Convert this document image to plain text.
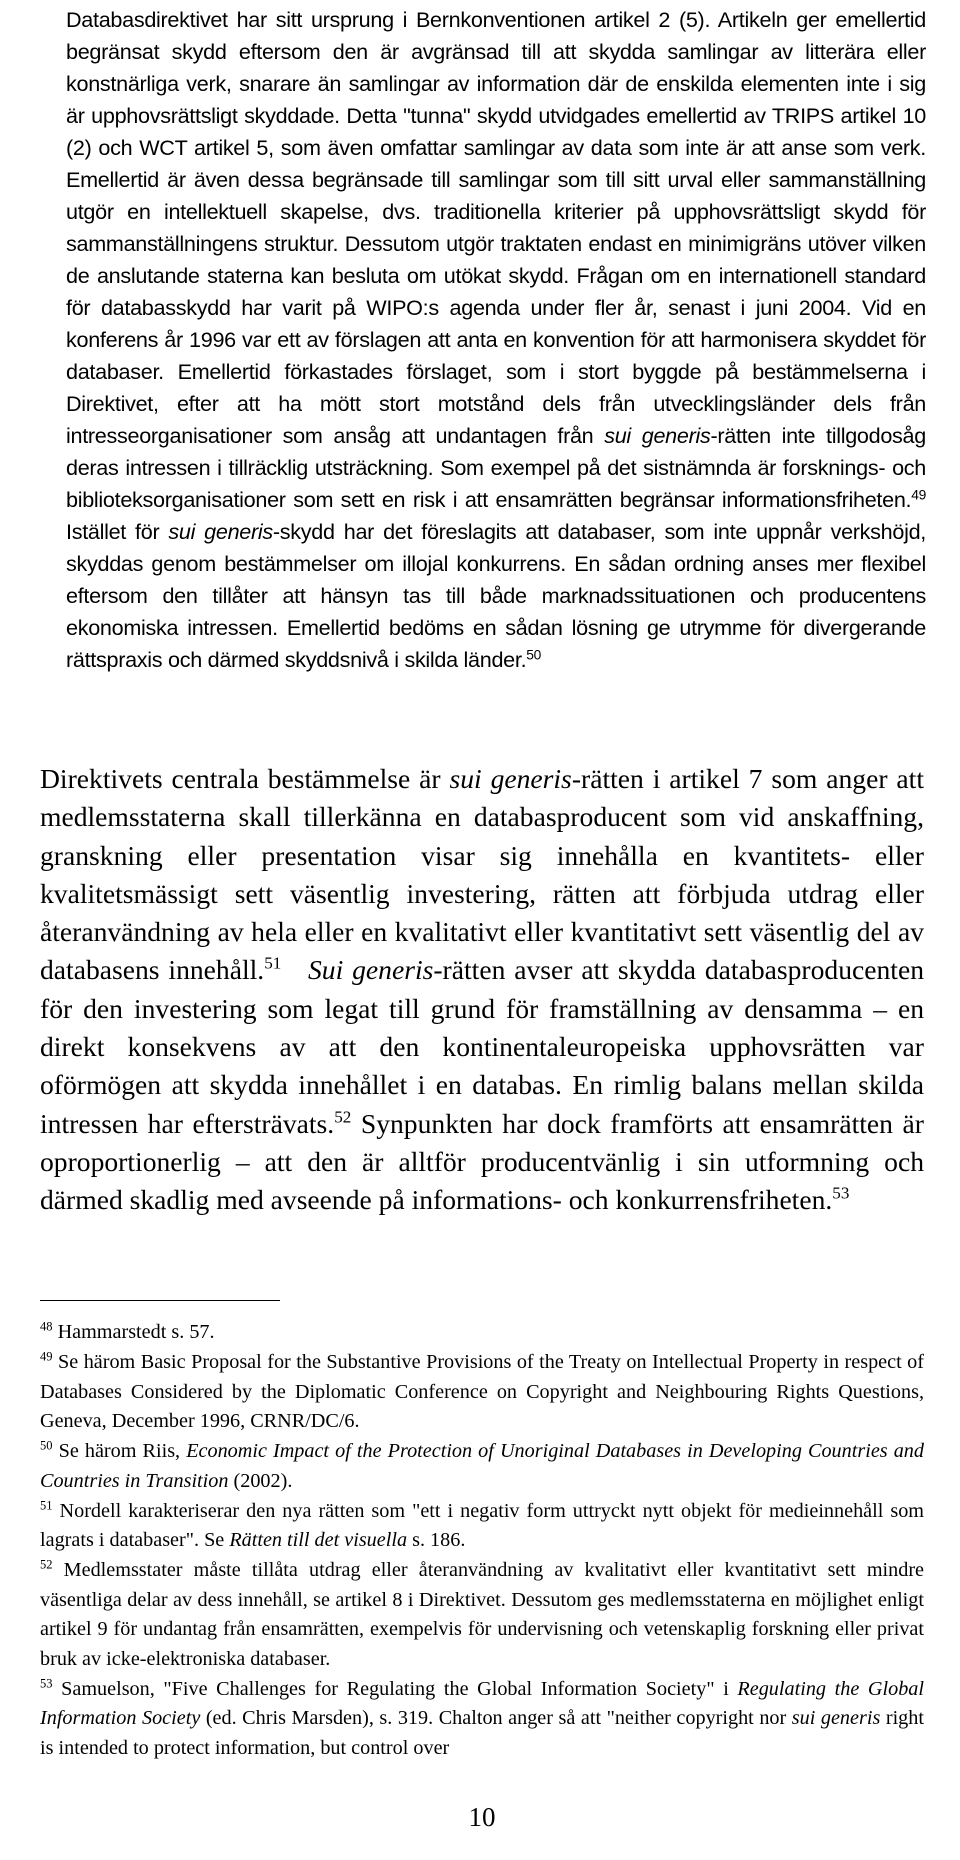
Databasdirektivet har sitt ursprung i Bernkonventionen artikel 2 (5). Artikeln ger emellertid begränsat skydd eftersom den är avgränsad till att skydda samlingar av litterära eller konstnärliga verk, snarare än samlingar av information där de enskilda elementen inte i sig är upphovsrättsligt skyddade. Detta "tunna" skydd utvidgades emellertid av TRIPS artikel 10 (2) och WCT artikel 5, som även omfattar samlingar av data som inte är att anse som verk. Emellertid är även dessa begränsade till samlingar som till sitt urval eller sammanställning utgör en intellektuell skapelse, dvs. traditionella kriterier på upphovsrättsligt skydd för sammanställningens struktur. Dessutom utgör traktaten endast en minimigräns utöver vilken de anslutande staterna kan besluta om utökat skydd. Frågan om en internationell standard för databasskydd har varit på WIPO:s agenda under fler år, senast i juni 2004. Vid en konferens år 1996 var ett av förslagen att anta en konvention för att harmonisera skyddet för databaser. Emellertid förkastades förslaget, som i stort byggde på bestämmelserna i Direktivet, efter att ha mött stort motstånd dels från utvecklingsländer dels från intresseorganisationer som ansåg att undantagen från sui generis-rätten inte tillgodosåg deras intressen i tillräcklig utsträckning. Som exempel på det sistnämnda är forsknings- och biblioteksorganisationer som sett en risk i att ensamrätten begränsar informationsfriheten.$^{49}$ Istället för sui generis-skydd har det föreslagits att databaser, som inte uppnår verkshöjd, skyddas genom bestämmelser om illojal konkurrens. En sådan ordning anses mer flexibel eftersom den tillåter att hänsyn tas till både marknadssituationen och producentens ekonomiska intressen. Emellertid bedöms en sådan lösning ge utrymme för divergerande rättspraxis och därmed skyddsnivå i skilda länder.$^{50}$
Direktivets centrala bestämmelse är sui generis-rätten i artikel 7 som anger att medlemsstaterna skall tillerkänna en databasproducent som vid anskaffning, granskning eller presentation visar sig innehålla en kvantitets- eller kvalitetsmässigt sett väsentlig investering, rätten att förbjuda utdrag eller återanvändning av hela eller en kvalitativt eller kvantitativt sett väsentlig del av databasens innehåll.$^{51}$ Sui generis-rätten avser att skydda databasproducenten för den investering som legat till grund för framställning av densamma – en direkt konsekvens av att den kontinentaleuropeiska upphovsrätten var oförmögen att skydda innehållet i en databas. En rimlig balans mellan skilda intressen har eftersträvats.$^{52}$ Synpunkten har dock framförts att ensamrätten är oproportionerlig – att den är alltför producentvänlig i sin utformning och därmed skadlig med avseende på informations- och konkurrensfriheten.$^{53}$
$^{48}$ Hammarstedt s. 57.
$^{49}$ Se härom Basic Proposal for the Substantive Provisions of the Treaty on Intellectual Property in respect of Databases Considered by the Diplomatic Conference on Copyright and Neighbouring Rights Questions, Geneva, December 1996, CRNR/DC/6.
$^{50}$ Se härom Riis, Economic Impact of the Protection of Unoriginal Databases in Developing Countries and Countries in Transition (2002).
$^{51}$ Nordell karakteriserar den nya rätten som "ett i negativ form uttryckt nytt objekt för medieinnehåll som lagrats i databaser". Se Rätten till det visuella s. 186.
$^{52}$ Medlemsstater måste tillåta utdrag eller återanvändning av kvalitativt eller kvantitativt sett mindre väsentliga delar av dess innehåll, se artikel 8 i Direktivet. Dessutom ges medlemsstaterna en möjlighet enligt artikel 9 för undantag från ensamrätten, exempelvis för undervisning och vetenskaplig forskning eller privat bruk av icke-elektroniska databaser.
$^{53}$ Samuelson, "Five Challenges for Regulating the Global Information Society" i Regulating the Global Information Society (ed. Chris Marsden), s. 319. Chalton anger så att "neither copyright nor sui generis right is intended to protect information, but control over
10
